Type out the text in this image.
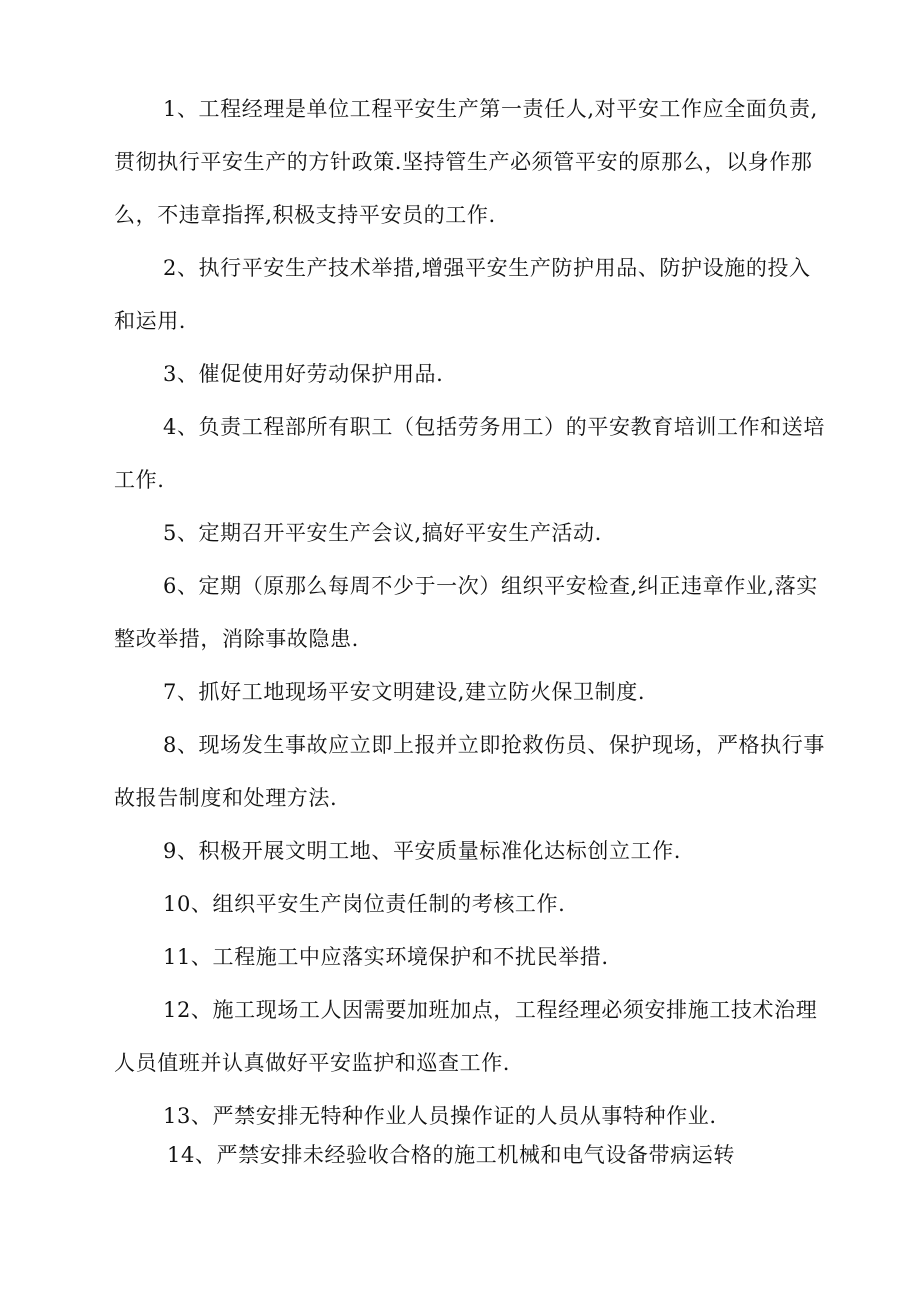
1、工程经理是单位工程平安生产第一责任人,对平安工作应全面负责,贯彻执行平安生产的方针政策.坚持管生产必须管平安的原那么，以身作那么，不违章指挥,积极支持平安员的工作.

2、执行平安生产技术举措,增强平安生产防护用品、防护设施的投入和运用.

3、催促使用好劳动保护用品.

4、负责工程部所有职工（包括劳务用工）的平安教育培训工作和送培工作.

5、定期召开平安生产会议,搞好平安生产活动.

6、定期（原那么每周不少于一次）组织平安检查,纠正违章作业,落实整改举措，消除事故隐患.

7、抓好工地现场平安文明建设,建立防火保卫制度.

8、现场发生事故应立即上报并立即抢救伤员、保护现场，严格执行事故报告制度和处理方法.

9、积极开展文明工地、平安质量标准化达标创立工作.

10、组织平安生产岗位责任制的考核工作.

11、工程施工中应落实环境保护和不扰民举措.

12、施工现场工人因需要加班加点，工程经理必须安排施工技术治理人员值班并认真做好平安监护和巡查工作.

13、严禁安排无特种作业人员操作证的人员从事特种作业.

14、严禁安排未经验收合格的施工机械和电气设备带病运转
